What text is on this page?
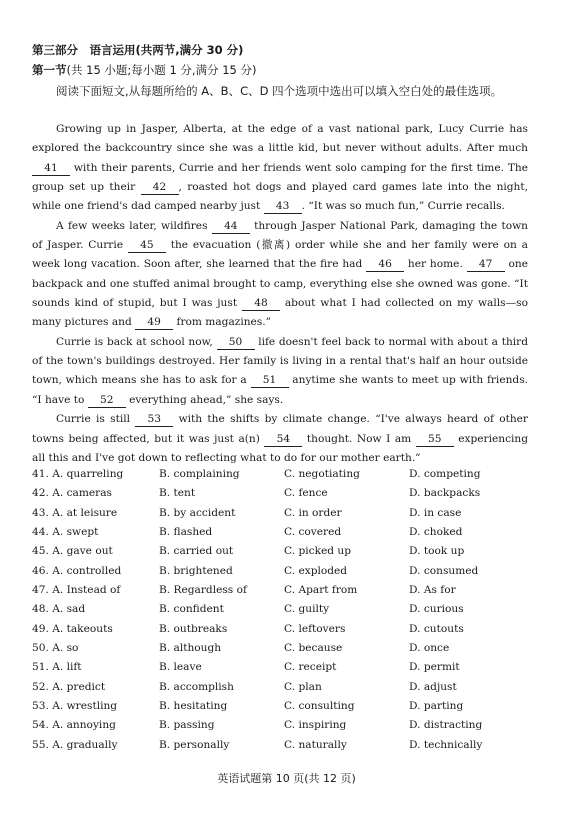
第三部分　语言运用(共两节,满分 30 分)
第一节(共 15 小题;每小题 1 分,满分 15 分)
阅读下面短文,从每题所给的 A、B、C、D 四个选项中选出可以填入空白处的最佳选项。

Growing up in Jasper, Alberta, at the edge of a vast national park, Lucy Currie has explored the backcountry since she was a little kid, but never without adults. After much 41 with their parents, Currie and her friends went solo camping for the first time. The group set up their 42 , roasted hot dogs and played card games late into the night, while one friend's dad camped nearby just 43 . “It was so much fun,” Currie recalls.

A few weeks later, wildfires 44 through Jasper National Park, damaging the town of Jasper. Currie 45 the evacuation (撤离) order while she and her family were on a week long vacation. Soon after, she learned that the fire had 46 her home. 47 one backpack and one stuffed animal brought to camp, everything else she owned was gone. “It sounds kind of stupid, but I was just 48 about what I had collected on my walls—so many pictures and 49 from magazines.”

Currie is back at school now, 50 life doesn't feel back to normal with about a third of the town's buildings destroyed. Her family is living in a rental that's half an hour outside town, which means she has to ask for a 51 anytime she wants to meet up with friends. “I have to 52 everything ahead,” she says.

Currie is still 53 with the shifts by climate change. “I've always heard of other towns being affected, but it was just a(n) 54 thought. Now I am 55 experiencing all this and I've got down to reflecting what to do for our mother earth.”

41. A. quarreling	B. complaining	C. negotiating	D. competing
42. A. cameras	B. tent	C. fence	D. backpacks
43. A. at leisure	B. by accident	C. in order	D. in case
44. A. swept	B. flashed	C. covered	D. choked
45. A. gave out	B. carried out	C. picked up	D. took up
46. A. controlled	B. brightened	C. exploded	D. consumed
47. A. Instead of	B. Regardless of	C. Apart from	D. As for
48. A. sad	B. confident	C. guilty	D. curious
49. A. takeouts	B. outbreaks	C. leftovers	D. cutouts
50. A. so	B. although	C. because	D. once
51. A. lift	B. leave	C. receipt	D. permit
52. A. predict	B. accomplish	C. plan	D. adjust
53. A. wrestling	B. hesitating	C. consulting	D. parting
54. A. annoying	B. passing	C. inspiring	D. distracting
55. A. gradually	B. personally	C. naturally	D. technically
英语试题第 10 页(共 12 页)
